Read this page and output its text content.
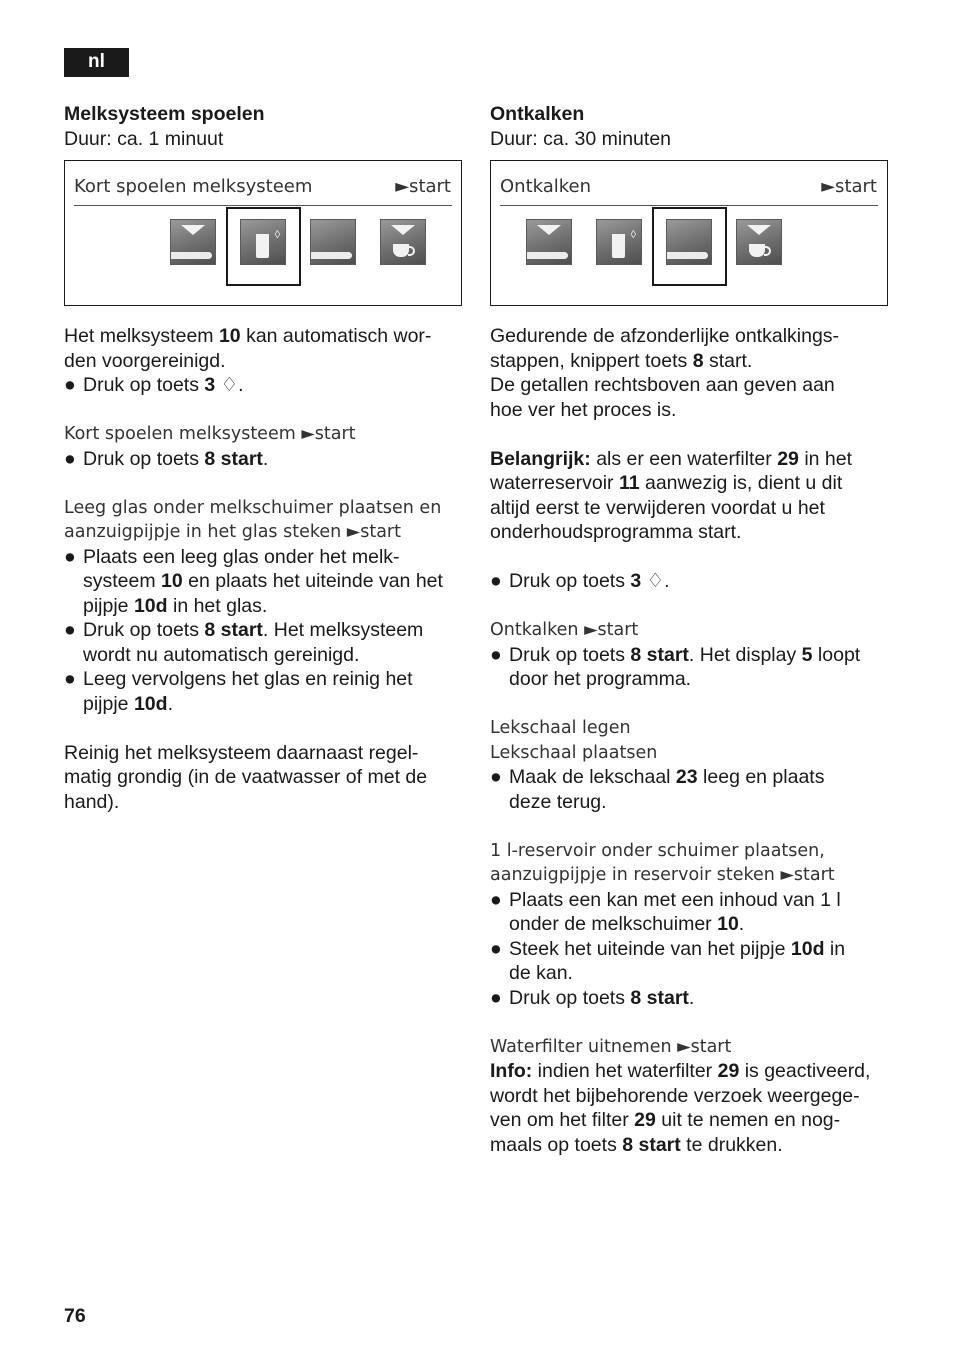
nl

Melksysteem spoelen

Duur: ca. 1 minuut

Kort spoelen melksysteem	►start
◊

Het melksysteem 10 kan automatisch wor-

den voorgereinigd.

● Druk op toets 3 ♢.

Kort spoelen melksysteem ►start

● Druk op toets 8 start.

Leeg glas onder melkschuimer plaatsen en

aanzuigpijpje in het glas steken ►start

● Plaats een leeg glas onder het melk-

systeem 10 en plaats het uiteinde van het

pijpje 10d in het glas.

● Druk op toets 8 start. Het melksysteem

wordt nu automatisch gereinigd.

● Leeg vervolgens het glas en reinig het

pijpje 10d.

Reinig het melksysteem daarnaast regel-

matig grondig (in de vaatwasser of met de

hand).

Ontkalken

Duur: ca. 30 minuten

Ontkalken	►start
◊

Gedurende de afzonderlijke ontkalkings-

stappen, knippert toets 8 start.

De getallen rechtsboven aan geven aan

hoe ver het proces is.

Belangrijk: als er een waterfilter 29 in het

waterreservoir 11 aanwezig is, dient u dit

altijd eerst te verwijderen voordat u het

onderhoudsprogramma start.

● Druk op toets 3 ♢.

Ontkalken ►start

● Druk op toets 8 start. Het display 5 loopt

door het programma.

Lekschaal legen

Lekschaal plaatsen

● Maak de lekschaal 23 leeg en plaats

deze terug.

1 l-reservoir onder schuimer plaatsen,

aanzuigpijpje in reservoir steken ►start

● Plaats een kan met een inhoud van 1 l

onder de melkschuimer 10.

● Steek het uiteinde van het pijpje 10d in

de kan.

● Druk op toets 8 start.

Waterfilter uitnemen ►start

Info: indien het waterfilter 29 is geactiveerd,

wordt het bijbehorende verzoek weergege-

ven om het filter 29 uit te nemen en nog-

maals op toets 8 start te drukken.

76
